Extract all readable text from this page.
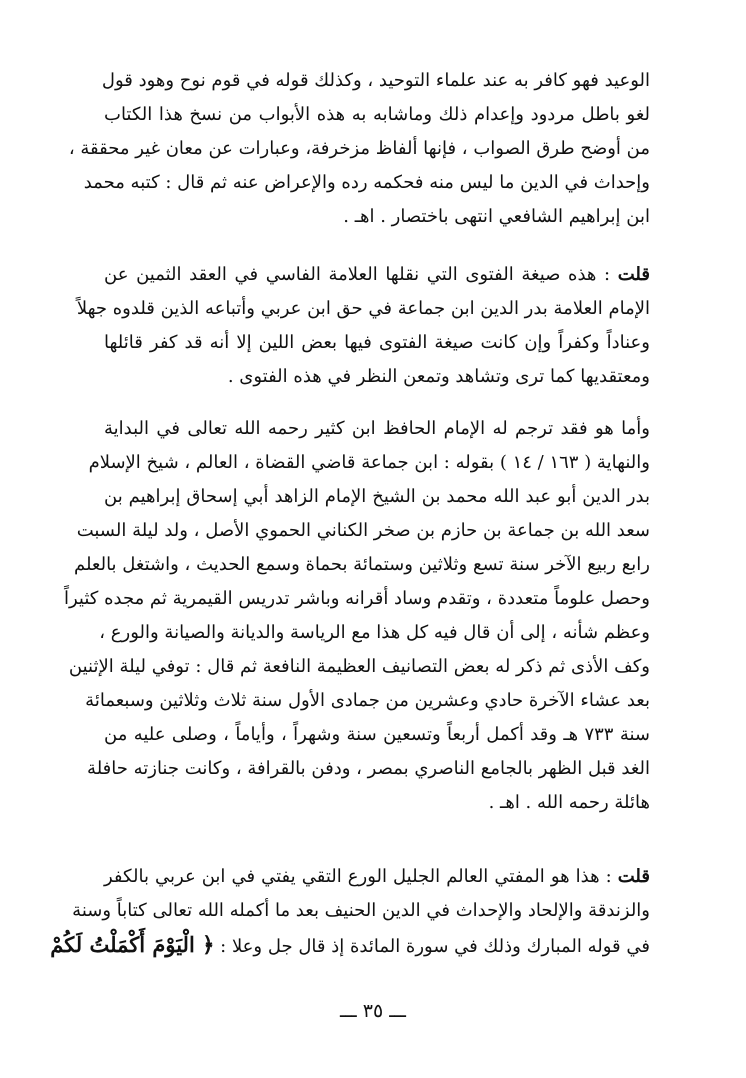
الوعيد فهو كافر به عند علماء التوحيد ، وكذلك قوله في قوم نوح وهود قول
لغو باطل مردود وإعدام ذلك وماشابه به هذه الأبواب من نسخ هذا الكتاب
من أوضح طرق الصواب ، فإنها ألفاظ مزخرفة، وعبارات عن معان غير محققة ،
وإحداث في الدين ما ليس منه فحكمه رده والإعراض عنه ثم قال : كتبه محمد
ابن إبراهيم الشافعي انتهى باختصار . اهـ .
قلت : هذه صيغة الفتوى التي نقلها العلامة الفاسي في العقد الثمين عن
الإمام العلامة بدر الدين ابن جماعة في حق ابن عربي وأتباعه الذين قلدوه جهلاً
وعناداً وكفراً وإن كانت صيغة الفتوى فيها بعض اللين إلا أنه قد كفر قائلها
ومعتقديها كما ترى وتشاهد وتمعن النظر في هذه الفتوى .
وأما هو فقد ترجم له الإمام الحافظ ابن كثير رحمه الله تعالى في البداية
والنهاية ( ١٦٣ / ١٤ ) بقوله : ابن جماعة قاضي القضاة ، العالم ، شيخ الإسلام
بدر الدين أبو عبد الله محمد بن الشيخ الإمام الزاهد أبي إسحاق إبراهيم بن
سعد الله بن جماعة بن حازم بن صخر الكناني الحموي الأصل ، ولد ليلة السبت
رابع ربيع الآخر سنة تسع وثلاثين وستمائة بحماة وسمع الحديث ، واشتغل بالعلم
وحصل علوماً متعددة ، وتقدم وساد أقرانه وباشر تدريس القيمرية ثم مجده كثيراً
وعظم شأنه ، إلى أن قال فيه كل هذا مع الرياسة والديانة والصيانة والورع ،
وكف الأذى ثم ذكر له بعض التصانيف العظيمة النافعة ثم قال : توفي ليلة الإثنين
بعد عشاء الآخرة حادي وعشرين من جمادى الأول سنة ثلاث وثلاثين وسبعمائة
سنة ٧٣٣ هـ وقد أكمل أربعاً وتسعين سنة وشهراً ، وأياماً ، وصلى عليه من
الغد قبل الظهر بالجامع الناصري بمصر ، ودفن بالقرافة ، وكانت جنازته حافلة
هائلة رحمه الله . اهـ .
قلت : هذا هو المفتي العالم الجليل الورع التقي يفتي في ابن عربي بالكفر
والزندقة والإلحاد والإحداث في الدين الحنيف بعد ما أكمله الله تعالى كتاباً وسنة
في قوله المبارك وذلك في سورة المائدة إذ قال جل وعلا : ﴿ الْيَوْمَ أَكْمَلْتُ لَكُمْ
ـــ ٣٥ ـــ
